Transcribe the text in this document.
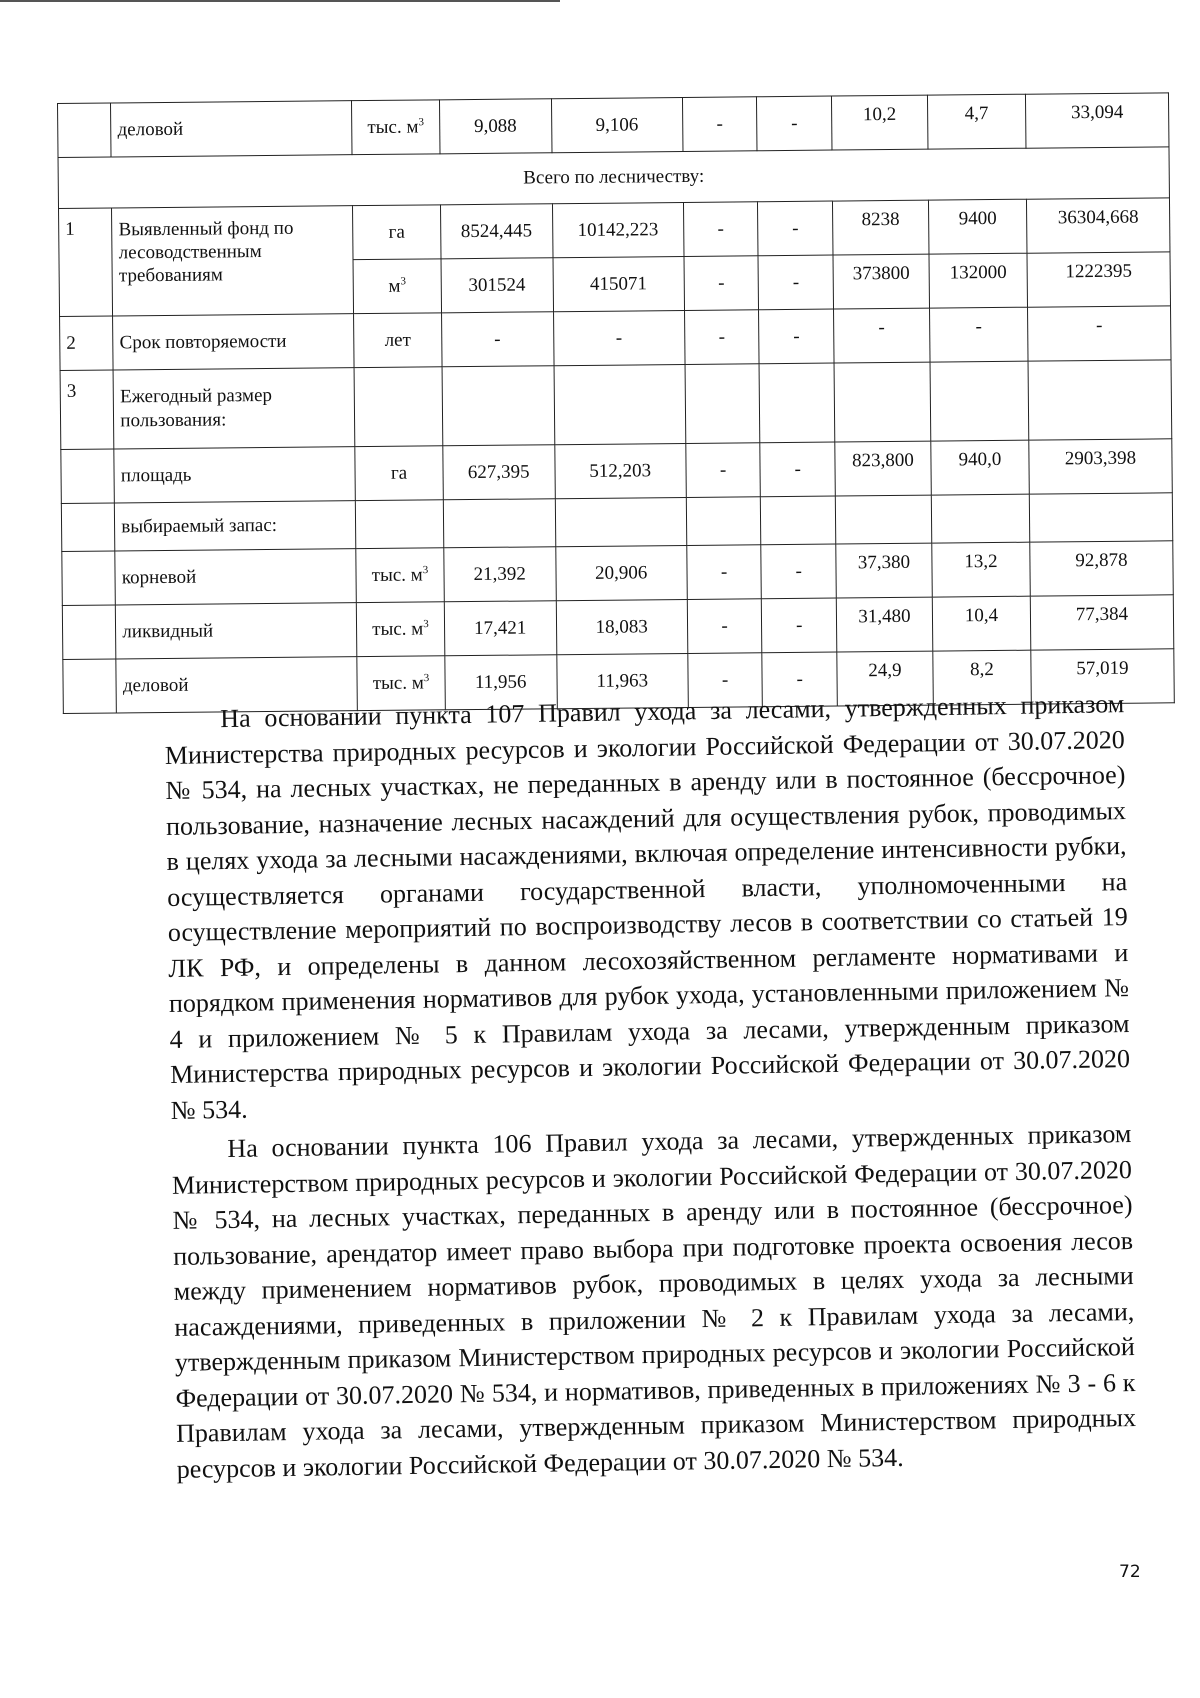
	деловой	тыс. $м^3$	9,088	9,106	-	-	10,2	4,7	33,094
Всего по лесничеству:									
1	Выявленный фонд по лесоводственным требованиям	га	8524,445	10142,223	-	-	8238	9400	36304,668
		$м^3$	301524	415071	-	-	373800	132000	1222395
2	Срок повторяемости	лет	-	-	-	-	-	-	-
3	Ежегодный размер пользования:								
	площадь	га	627,395	512,203	-	-	823,800	940,0	2903,398
	выбираемый запас:								
	корневой	тыс. $м^3$	21,392	20,906	-	-	37,380	13,2	92,878
	ликвидный	тыс. $м^3$	17,421	18,083	-	-	31,480	10,4	77,384
	деловой	тыс. $м^3$	11,956	11,963	-	-	24,9	8,2	57,019

На основании пункта 107 Правил ухода за лесами, утвержденных приказом Министерства природных ресурсов и экологии Российской Федерации от 30.07.2020 № 534, на лесных участках, не переданных в аренду или в постоянное (бессрочное) пользование, назначение лесных насаждений для осуществления рубок, проводимых в целях ухода за лесными насаждениями, включая определение интенсивности рубки, осуществляется органами государственной власти, уполномоченными на осуществление мероприятий по воспроизводству лесов в соответствии со статьей 19 ЛК РФ, и определены в данном лесохозяйственном регламенте нормативами и порядком применения нормативов для рубок ухода, установленными приложением № 4 и приложением № 5 к Правилам ухода за лесами, утвержденным приказом Министерства природных ресурсов и экологии Российской Федерации от 30.07.2020 № 534.

На основании пункта 106 Правил ухода за лесами, утвержденных приказом Министерством природных ресурсов и экологии Российской Федерации от 30.07.2020 № 534, на лесных участках, переданных в аренду или в постоянное (бессрочное) пользование, арендатор имеет право выбора при подготовке проекта освоения лесов между применением нормативов рубок, проводимых в целях ухода за лесными насаждениями, приведенных в приложении № 2 к Правилам ухода за лесами, утвержденным приказом Министерством природных ресурсов и экологии Российской Федерации от 30.07.2020 № 534, и нормативов, приведенных в приложениях № 3 - 6 к Правилам ухода за лесами, утвержденным приказом Министерством природных ресурсов и экологии Российской Федерации от 30.07.2020 № 534.

72
